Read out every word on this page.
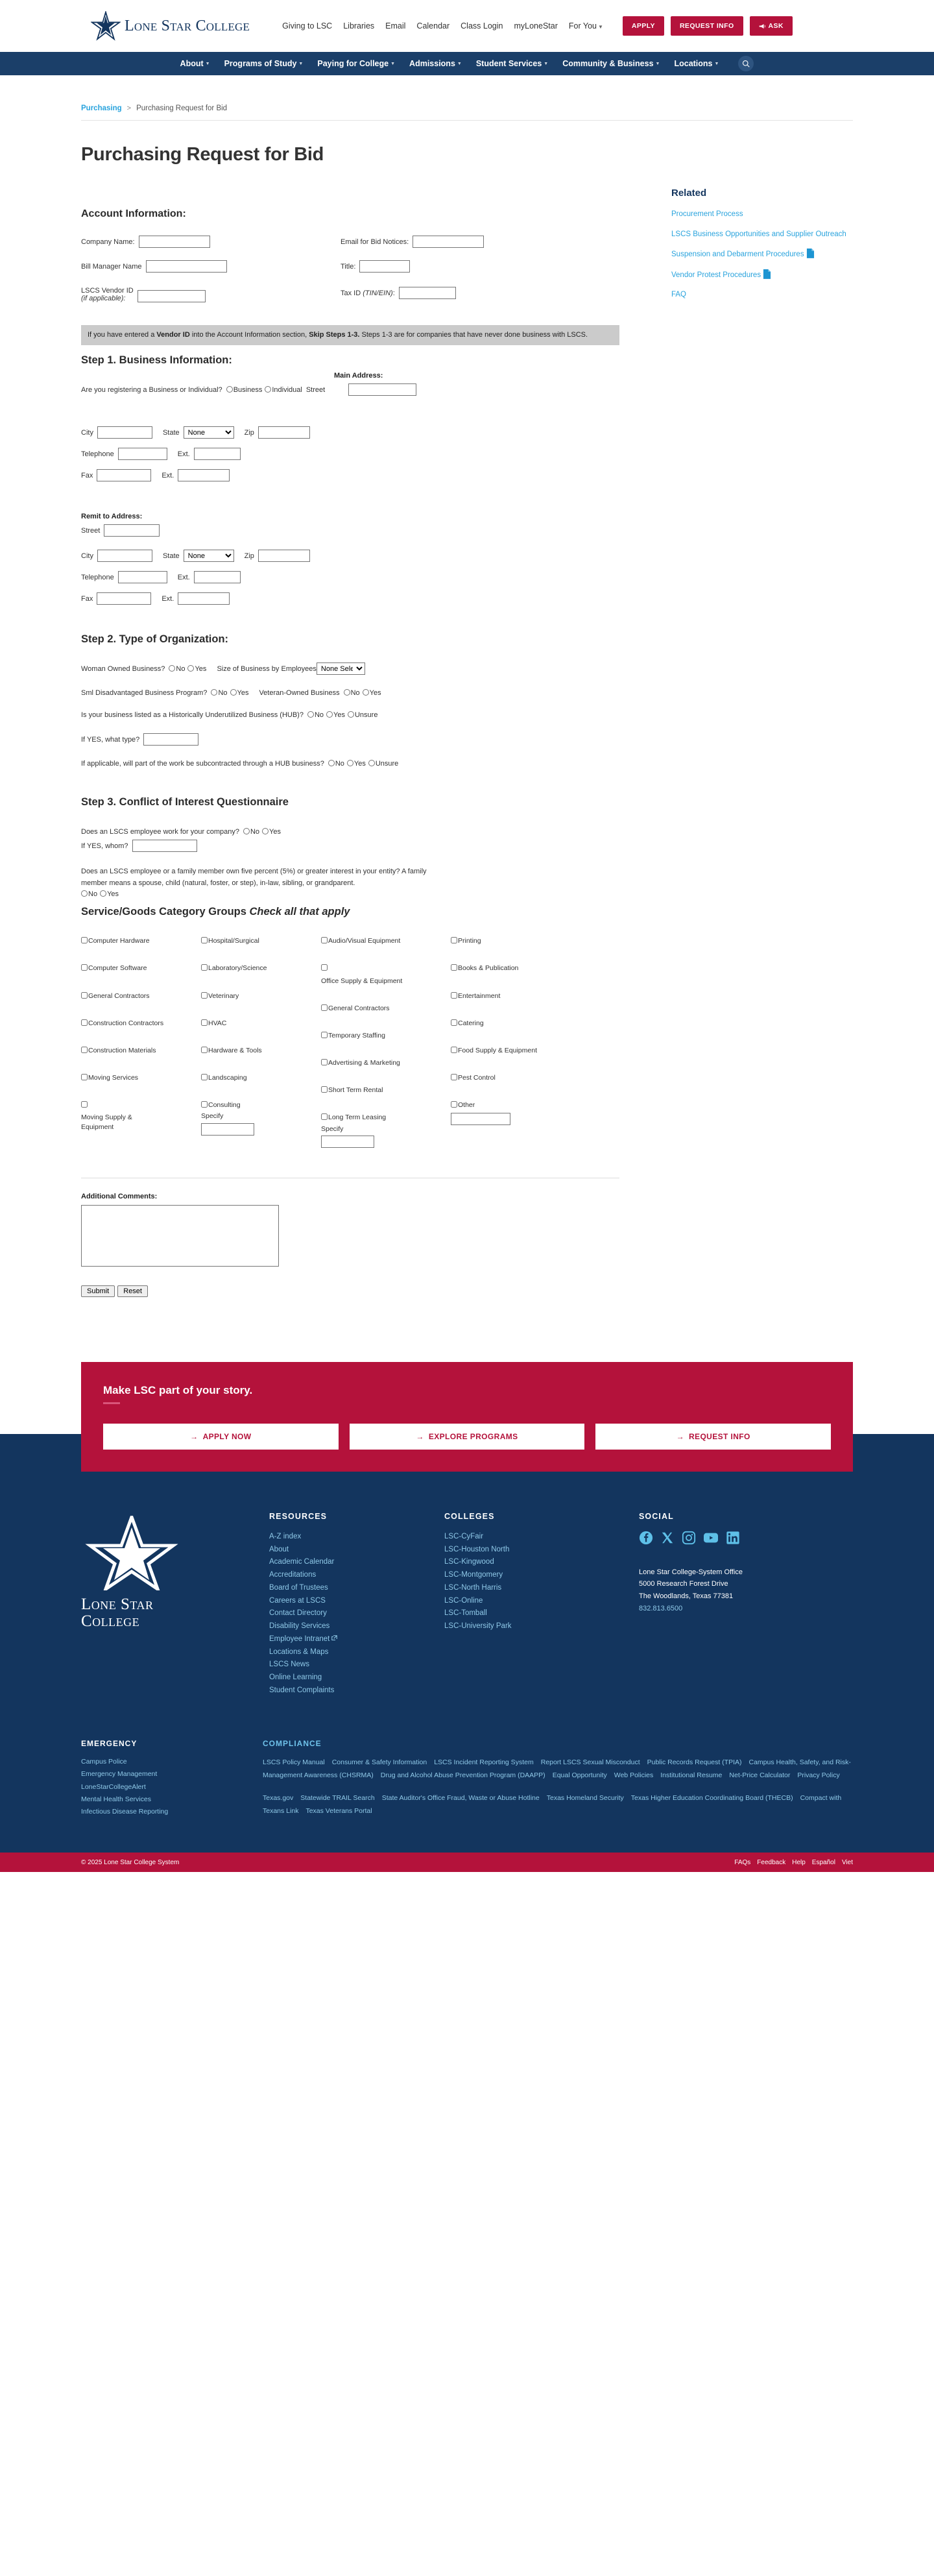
Lone Star College	Giving to LSC Libraries Email Calendar Class Login myLoneStar For You ▼	APPLY	REQUEST INFO	ASK
About ▼ Programs of Study ▼ Paying for College ▼ Admissions ▼ Student Services ▼ Community & Business ▼ Locations ▼
Purchasing > Purchasing Request for Bid
Purchasing Request for Bid
Account Information:
Company Name:
Bill Manager Name
LSCS Vendor ID
(if applicable):
Email for Bid Notices:
Title:
Tax ID (TIN/EIN):
If you have entered a Vendor ID into the Account Information section, Skip Steps 1-3. Steps 1-3 are for companies that have never done business with LSCS.
Step 1. Business Information:
Main Address:
Are you registering a Business or Individual?	Business	Individual Street
City	State
None	Zip
Telephone	Ext.
Fax	Ext.
Remit to Address:
Street
City	State
None	Zip
Telephone	Ext.
Fax	Ext.
Step 2. Type of Organization:
Woman Owned Business?	No	Yes Size of Business by Employees
None Selected
Sml Disadvantaged Business Program?	No	Yes Veteran-Owned Business	No	Yes
Is your business listed as a Historically Underutilized Business (HUB)?	No	Yes	Unsure
If YES, what type?
If applicable, will part of the work be subcontracted through a HUB business?	No	Yes	Unsure
Step 3. Conflict of Interest Questionnaire
Does an LSCS employee work for your company?	No	Yes
If YES, whom?
Does an LSCS employee or a family member own five percent (5%) or greater interest in your entity? A family
member means a spouse, child (natural, foster, or step), in-law, sibling, or grandparent.
No	Yes
Service/Goods Category Groups Check all that apply
Computer Hardware
Computer Software
General Contractors
Construction Contractors
Construction Materials
Moving Services
Moving Supply & Equipment
Hospital/Surgical
Laboratory/Science
Veterinary
HVAC
Hardware & Tools
Landscaping
Consulting
Specify
Audio/Visual Equipment
Office Supply & Equipment
General Contractors
Temporary Staffing
Advertising & Marketing
Short Term Rental
Long Term Leasing
Specify
Printing
Books & Publication
Entertainment
Catering
Food Supply & Equipment
Pest Control
Other
Additional Comments:
Submit	Reset
Related
Procurement Process
LSCS Business Opportunities and Supplier Outreach
Suspension and Debarment Procedures PDF
Vendor Protest Procedures PDF
FAQ
Make LSC part of your story.
→ APPLY NOW	→ EXPLORE PROGRAMS	→ REQUEST INFO
Lone Star
College
RESOURCES
A-Z index
About
Academic Calendar
Accreditations
Board of Trustees
Careers at LSCS
Contact Directory
Disability Services
Employee Intranet
Locations & Maps
LSCS News
Online Learning
Student Complaints
COLLEGES
LSC-CyFair
LSC-Houston North
LSC-Kingwood
LSC-Montgomery
LSC-North Harris
LSC-Online
LSC-Tomball
LSC-University Park
SOCIAL
Lone Star College-System Office
5000 Research Forest Drive
The Woodlands, Texas 77381
832.813.6500
EMERGENCY
Campus Police
Emergency Management
LoneStarCollegeAlert
Mental Health Services
Infectious Disease Reporting
COMPLIANCE
LSCS Policy Manual Consumer & Safety Information LSCS Incident Reporting System Report LSCS Sexual Misconduct Public Records Request (TPIA) Campus Health, Safety, and Risk-Management Awareness (CHSRMA) Drug and Alcohol Abuse Prevention Program (DAAPP) Equal Opportunity Web Policies Institutional Resume Net-Price Calculator Privacy Policy
Texas.gov Statewide TRAIL Search State Auditor's Office Fraud, Waste or Abuse Hotline Texas Homeland Security Texas Higher Education Coordinating Board (THECB) Compact with Texans Link Texas Veterans Portal
© 2025 Lone Star College System	FAQs Feedback Help Español Viet
